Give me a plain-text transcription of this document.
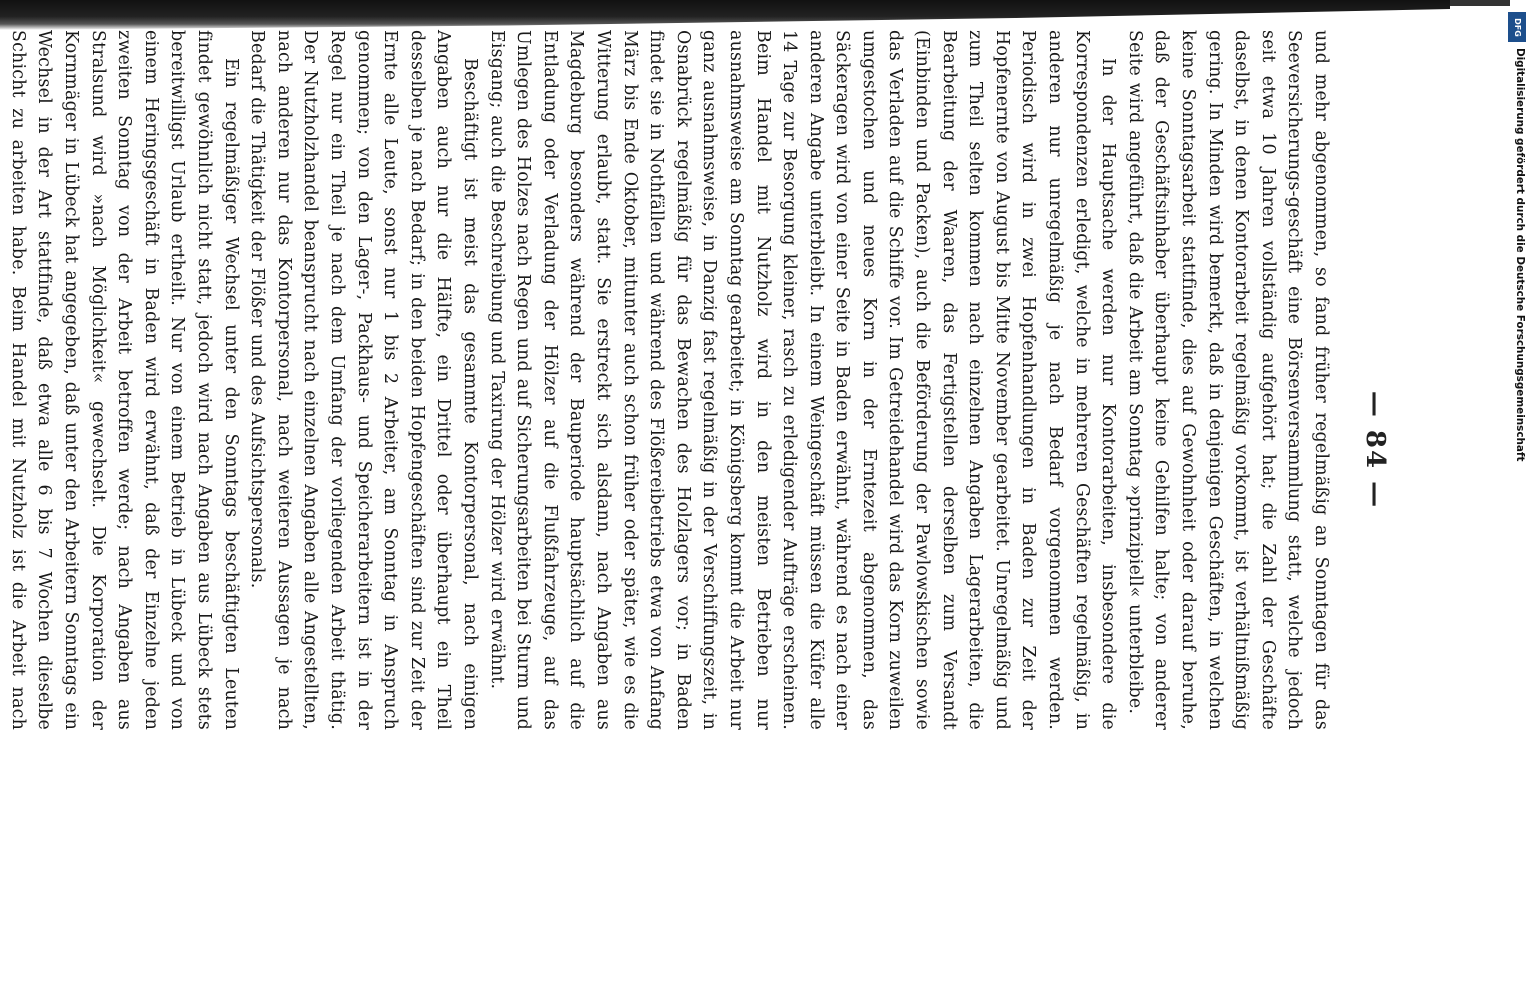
— 84 —

und mehr abgenommen, so fand früher regelmäßig an Sonntagen für das Seeversicherungs-geschäft eine Börsenversammlung statt, welche jedoch seit etwa 10 Jahren vollständig aufgehört hat; die Zahl der Geschäfte daselbst, in denen Kontorarbeit regelmäßig vorkommt, ist verhältnißmäßig gering. In Minden wird bemerkt, daß in denjenigen Geschäften, in welchen keine Sonntagsarbeit stattfinde, dies auf Gewohnheit oder darauf beruhe, daß der Geschäftsinhaber überhaupt keine Gehilfen halte; von anderer Seite wird angeführt, daß die Arbeit am Sonntag »prinzipiell« unterbleibe.

In der Hauptsache werden nur Kontorarbeiten, insbesondere die Korrespondenzen erledigt, welche in mehreren Geschäften regelmäßig, in anderen nur unregelmäßig je nach Bedarf vorgenommen werden. Periodisch wird in zwei Hopfenhandlungen in Baden zur Zeit der Hopfenernte von August bis Mitte November gearbeitet. Unregelmäßig und zum Theil selten kommen nach einzelnen Angaben Lagerarbeiten, die Bearbeitung der Waaren, das Fertigstellen derselben zum Versandt (Einbinden und Packen), auch die Beförderung der Pawlowskischen sowie das Verladen auf die Schiffe vor. Im Getreidehandel wird das Korn zuweilen umgestochen und neues Korn in der Erntezeit abgenommen, das Säckeragen wird von einer Seite in Baden erwähnt, während es nach einer anderen Angabe unterbleibt. In einem Weingeschäft müssen die Küfer alle 14 Tage zur Besorgung kleiner, rasch zu erledigender Aufträge erscheinen. Beim Handel mit Nutzholz wird in den meisten Betrieben nur ausnahmsweise am Sonntag gearbeitet; in Königsberg kommt die Arbeit nur ganz ausnahmsweise, in Danzig fast regelmäßig in der Verschiffungszeit, in Osnabrück regelmäßig für das Bewachen des Holzlagers vor; in Baden findet sie in Nothfällen und während des Flößereibetriebs etwa von Anfang März bis Ende Oktober, mitunter auch schon früher oder später, wie es die Witterung erlaubt, statt. Sie erstreckt sich alsdann, nach Angaben aus Magdeburg besonders während der Bauperiode hauptsächlich auf die Entladung oder Verladung der Hölzer auf die Flußfahrzeuge, auf das Umlegen des Holzes nach Regen und auf Sicherungsarbeiten bei Sturm und Eisgang; auch die Beschreibung und Taxirung der Hölzer wird erwähnt.

Beschäftigt ist meist das gesammte Kontorpersonal, nach einigen Angaben auch nur die Hälfte, ein Drittel oder überhaupt ein Theil desselben je nach Bedarf; in den beiden Hopfengeschäften sind zur Zeit der Ernte alle Leute, sonst nur 1 bis 2 Arbeiter, am Sonntag in Anspruch genommen; von den Lager-, Packhaus- und Speicherarbeitern ist in der Regel nur ein Theil je nach dem Umfang der vorliegenden Arbeit thätig. Der Nutzholzhandel beansprucht nach einzelnen Angaben alle Angestellten, nach anderen nur das Kontorpersonal, nach weiteren Aussagen je nach Bedarf die Thätigkeit der Flößer und des Aufsichtspersonals.

Ein regelmäßiger Wechsel unter den Sonntags beschäftigten Leuten findet gewöhnlich nicht statt, jedoch wird nach Angaben aus Lübeck stets bereitwilligst Urlaub ertheilt. Nur von einem Betrieb in Lübeck und von einem Heringsgeschäft in Baden wird erwähnt, daß der Einzelne jeden zweiten Sonntag von der Arbeit betroffen werde; nach Angaben aus Stralsund wird »nach Möglichkeit« gewechselt. Die Korporation der Kornmäger in Lübeck hat angegeben, daß unter den Arbeitern Sonntags ein Wechsel in der Art stattfinde, daß etwa alle 6 bis 7 Wochen dieselbe Schicht zu arbeiten habe. Beim Handel mit Nutzholz ist die Arbeit nach

DFG
Digitalisierung gefördert durch die Deutsche Forschungsgemeinschaft
